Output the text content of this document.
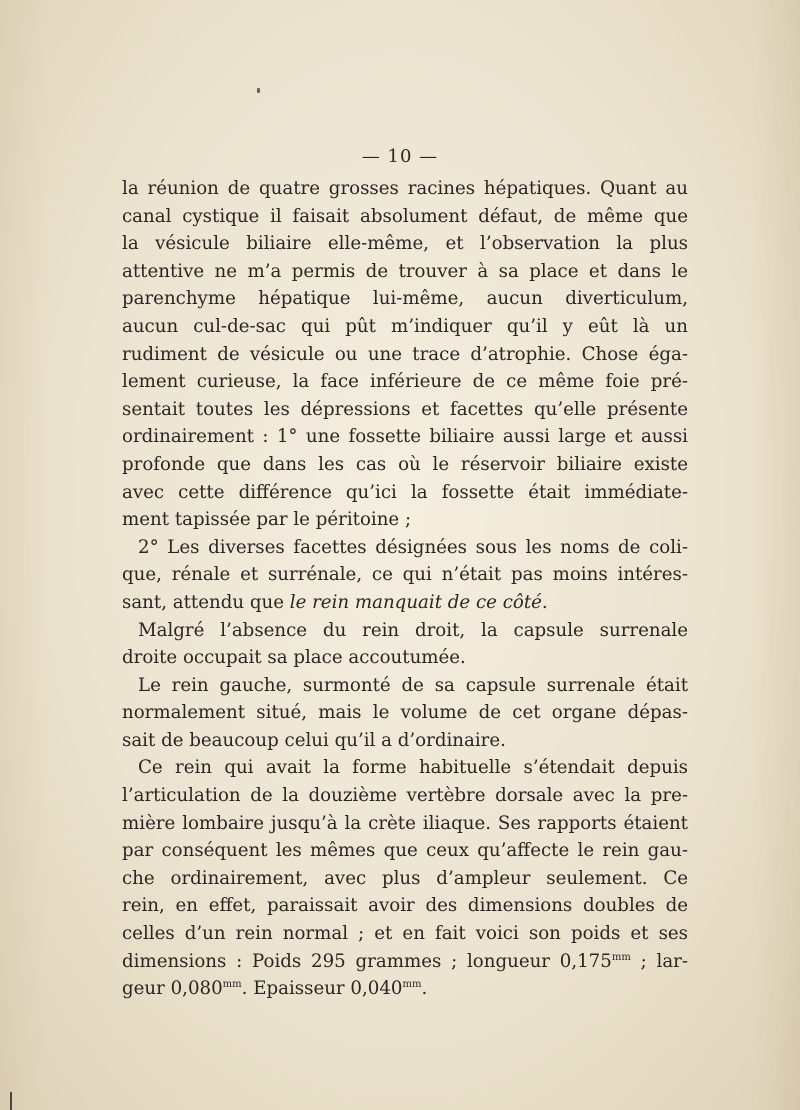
— 10 —
la réunion de quatre grosses racines hépatiques. Quant au
canal cystique il faisait absolument défaut, de même que
la vésicule biliaire elle-même, et l’observation la plus
attentive ne m’a permis de trouver à sa place et dans le
parenchyme hépatique lui-même, aucun diverticulum,
aucun cul-de-sac qui pût m’indiquer qu’il y eût là un
rudiment de vésicule ou une trace d’atrophie. Chose éga-
lement curieuse, la face inférieure de ce même foie pré-
sentait toutes les dépressions et facettes qu’elle présente
ordinairement : 1° une fossette biliaire aussi large et aussi
profonde que dans les cas où le réservoir biliaire existe
avec cette différence qu’ici la fossette était immédiate-
ment tapissée par le péritoine ;
2° Les diverses facettes désignées sous les noms de coli-
que, rénale et surrénale, ce qui n’était pas moins intéres-
sant, attendu que le rein manquait de ce côté.
Malgré l’absence du rein droit, la capsule surrenale
droite occupait sa place accoutumée.
Le rein gauche, surmonté de sa capsule surrenale était
normalement situé, mais le volume de cet organe dépas-
sait de beaucoup celui qu’il a d’ordinaire.
Ce rein qui avait la forme habituelle s’étendait depuis
l’articulation de la douzième vertèbre dorsale avec la pre-
mière lombaire jusqu’à la crète iliaque. Ses rapports étaient
par conséquent les mêmes que ceux qu’affecte le rein gau-
che ordinairement, avec plus d’ampleur seulement. Ce
rein, en effet, paraissait avoir des dimensions doubles de
celles d’un rein normal ; et en fait voici son poids et ses
dimensions : Poids 295 grammes ; longueur $0,175^{mm}$ ; lar-
geur $0,080^{mm}$. Epaisseur $0,040^{mm}$.
